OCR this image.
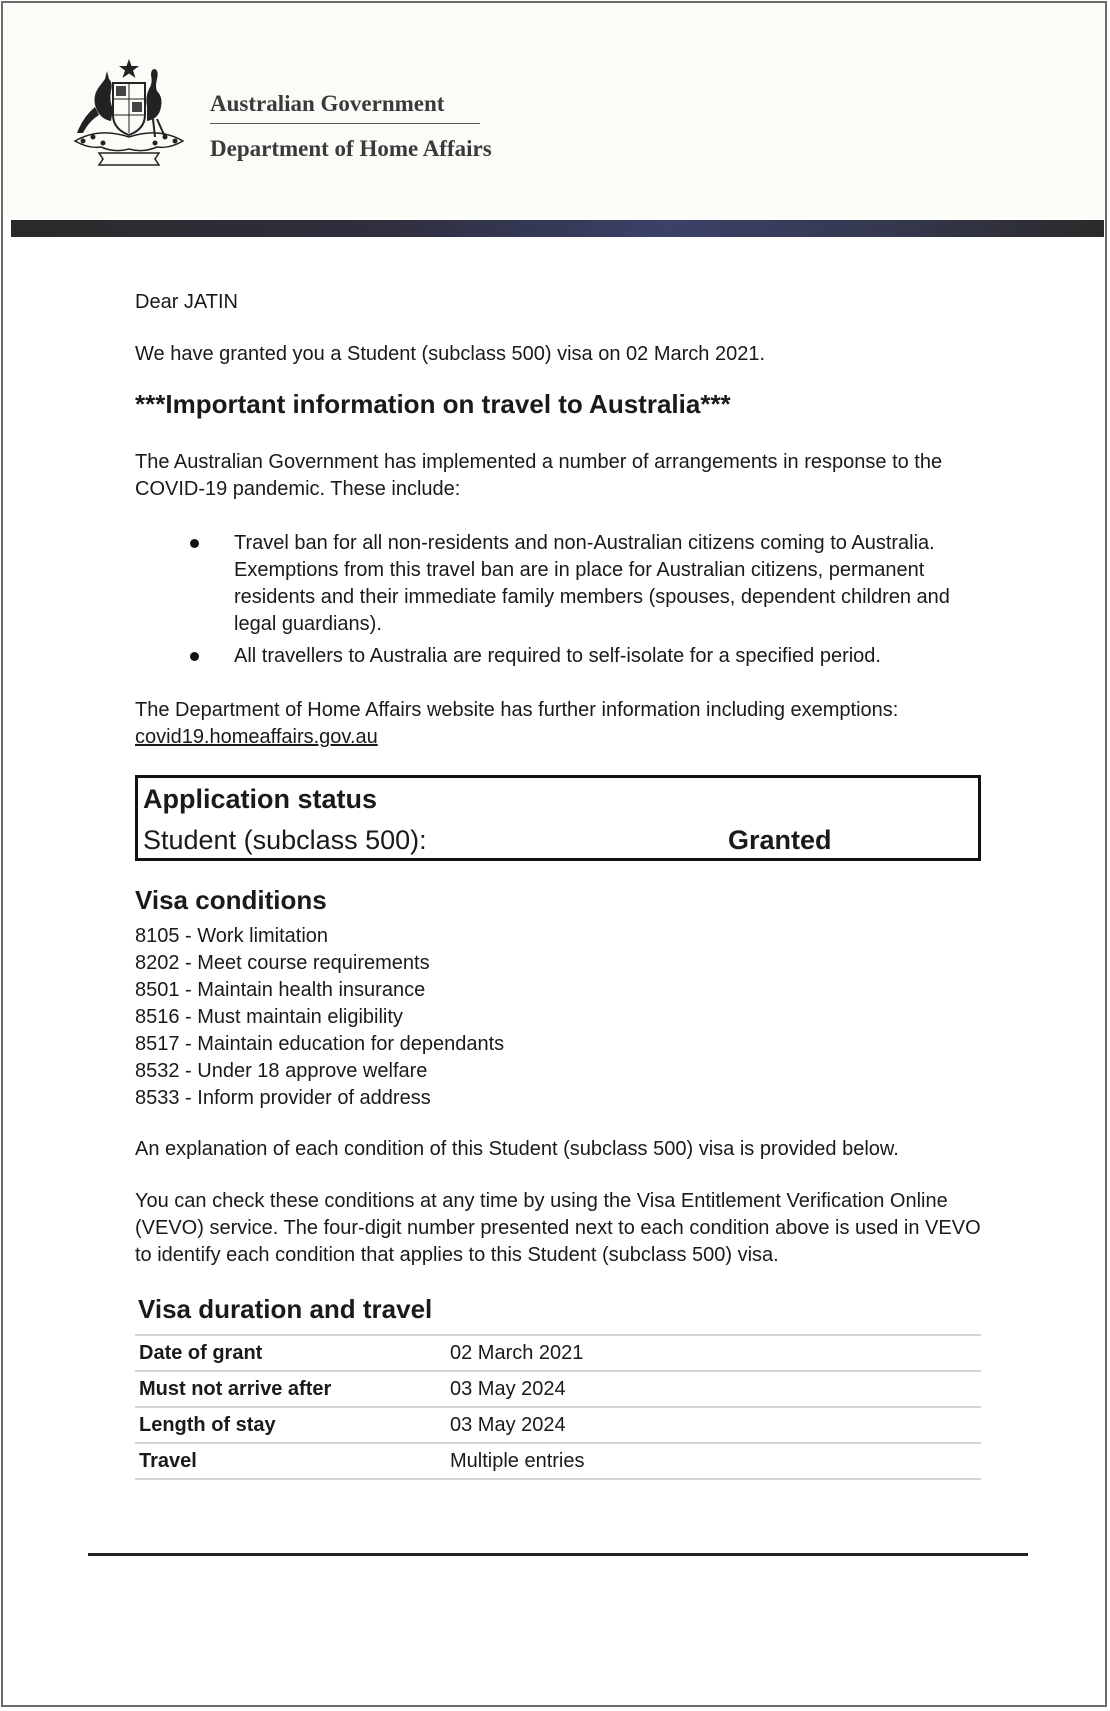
Australian Government
Department of Home Affairs
Dear JATIN
We have granted you a Student (subclass 500) visa on 02 March 2021.
***Important information on travel to Australia***
The Australian Government has implemented a number of arrangements in response to the COVID-19 pandemic. These include:
Travel ban for all non-residents and non-Australian citizens coming to Australia. Exemptions from this travel ban are in place for Australian citizens, permanent residents and their immediate family members (spouses, dependent children and legal guardians).
All travellers to Australia are required to self-isolate for a specified period.
The Department of Home Affairs website has further information including exemptions:
covid19.homeaffairs.gov.au
Application status
Student (subclass 500):	Granted
Visa conditions
8105 - Work limitation
8202 - Meet course requirements
8501 - Maintain health insurance
8516 - Must maintain eligibility
8517 - Maintain education for dependants
8532 - Under 18 approve welfare
8533 - Inform provider of address
An explanation of each condition of this Student (subclass 500) visa is provided below.
You can check these conditions at any time by using the Visa Entitlement Verification Online (VEVO) service. The four-digit number presented next to each condition above is used in VEVO to identify each condition that applies to this Student (subclass 500) visa.
Visa duration and travel
Date of grant	02 March 2021
Must not arrive after	03 May 2024
Length of stay	03 May 2024
Travel	Multiple entries
